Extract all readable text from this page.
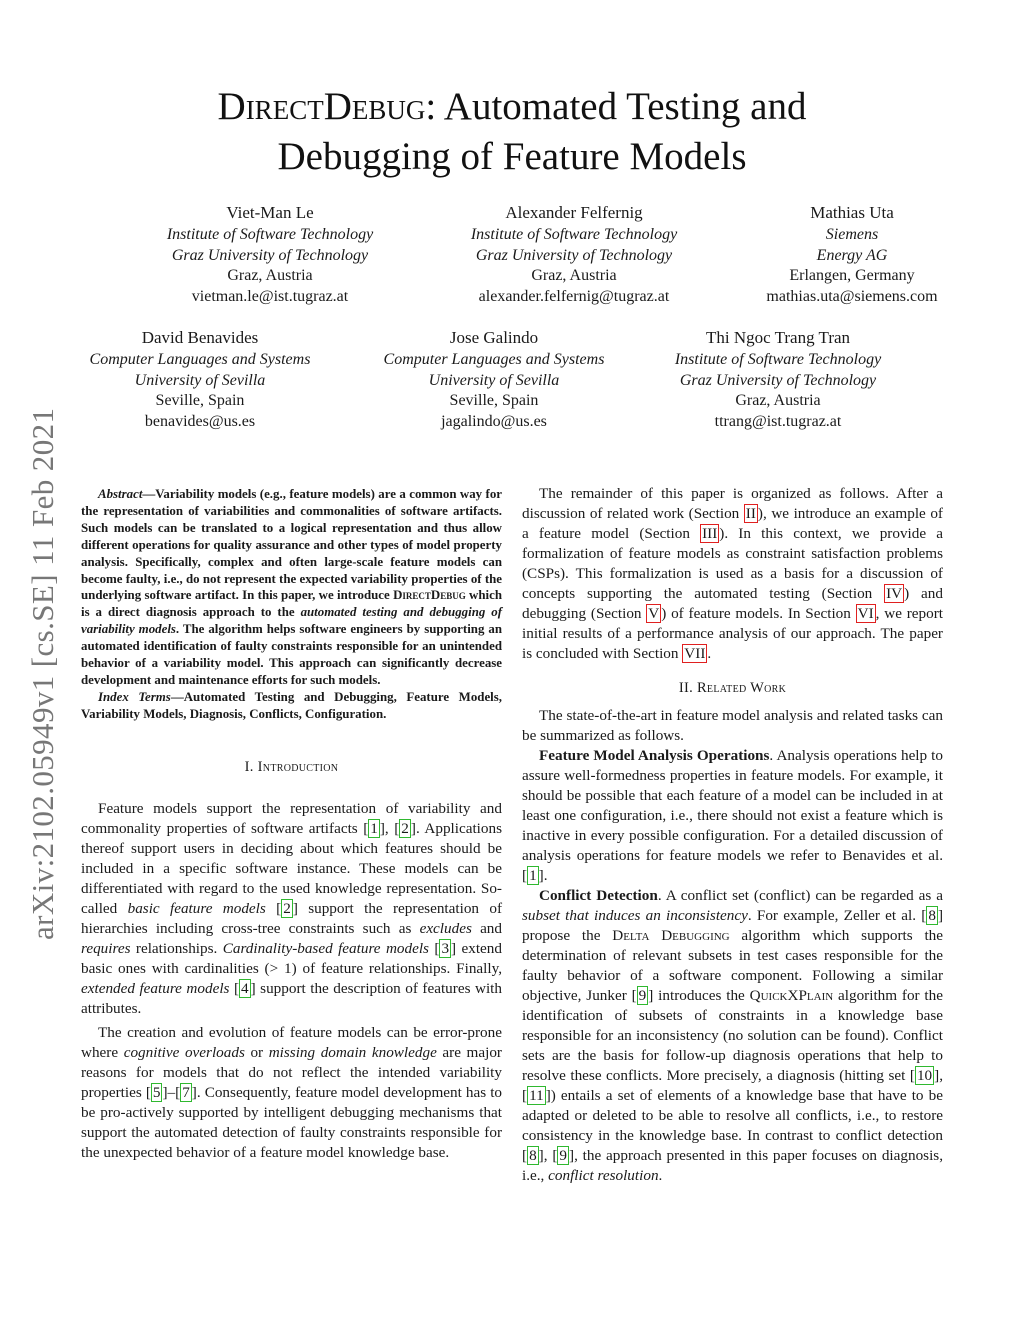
arXiv:2102.05949v1 [cs.SE] 11 Feb 2021
DirectDebug: Automated Testing and
Debugging of Feature Models
Viet-Man Le
Institute of Software Technology
Graz University of Technology
Graz, Austria
vietman.le@ist.tugraz.at
Alexander Felfernig
Institute of Software Technology
Graz University of Technology
Graz, Austria
alexander.felfernig@tugraz.at
Mathias Uta
Siemens
Energy AG
Erlangen, Germany
mathias.uta@siemens.com
David Benavides
Computer Languages and Systems
University of Sevilla
Seville, Spain
benavides@us.es
Jose Galindo
Computer Languages and Systems
University of Sevilla
Seville, Spain
jagalindo@us.es
Thi Ngoc Trang Tran
Institute of Software Technology
Graz University of Technology
Graz, Austria
ttrang@ist.tugraz.at

Abstract—Variability models (e.g., feature models) are a common way for the representation of variabilities and commonalities of software artifacts. Such models can be translated to a logical representation and thus allow different operations for quality assurance and other types of model property analysis. Specifically, complex and often large-scale feature models can become faulty, i.e., do not represent the expected variability properties of the underlying software artifact. In this paper, we introduce DirectDebug which is a direct diagnosis approach to the automated testing and debugging of variability models. The algorithm helps software engineers by supporting an automated identification of faulty constraints responsible for an unintended behavior of a variability model. This approach can significantly decrease development and maintenance efforts for such models.

Index Terms—Automated Testing and Debugging, Feature Models, Variability Models, Diagnosis, Conflicts, Configuration.

I. Introduction

Feature models support the representation of variability and commonality properties of software artifacts [ 1 ], [ 2 ]. Applications thereof support users in deciding about which features should be included in a specific software instance. These models can be differentiated with regard to the used knowledge representation. So-called basic feature models [ 2 ] support the representation of hierarchies including cross-tree constraints such as excludes and requires relationships. Cardinality-based feature models [ 3 ] extend basic ones with cardinalities (> 1) of feature relationships. Finally, extended feature models [ 4 ] support the description of features with attributes.

The creation and evolution of feature models can be error-prone where cognitive overloads or missing domain knowledge are major reasons for models that do not reflect the intended variability properties [ 5 ]–[ 7 ]. Consequently, feature model development has to be pro-actively supported by intelligent debugging mechanisms that support the automated detection of faulty constraints responsible for the unexpected behavior of a feature model knowledge base.

The remainder of this paper is organized as follows. After a discussion of related work (Section II ), we introduce an example of a feature model (Section III ). In this context, we provide a formalization of feature models as constraint satisfaction problems (CSPs). This formalization is used as a basis for a discussion of concepts supporting the automated testing (Section IV ) and debugging (Section V ) of feature models. In Section VI , we report initial results of a performance analysis of our approach. The paper is concluded with Section VII .

II. Related Work

The state-of-the-art in feature model analysis and related tasks can be summarized as follows.

Feature Model Analysis Operations. Analysis operations help to assure well-formedness properties in feature models. For example, it should be possible that each feature of a model can be included in at least one configuration, i.e., there should not exist a feature which is inactive in every possible configuration. For a detailed discussion of analysis operations for feature models we refer to Benavides et al. [ 1 ].

Conflict Detection. A conflict set (conflict) can be regarded as a subset that induces an inconsistency. For example, Zeller et al. [ 8 ] propose the Delta Debugging algorithm which supports the determination of relevant subsets in test cases responsible for the faulty behavior of a software component. Following a similar objective, Junker [ 9 ] introduces the QuickXPlain algorithm for the identification of subsets of constraints in a knowledge base responsible for an inconsistency (no solution can be found). Conflict sets are the basis for follow-up diagnosis operations that help to resolve these conflicts. More precisely, a diagnosis (hitting set [ 10 ], [ 11 ]) entails a set of elements of a knowledge base that have to be adapted or deleted to be able to resolve all conflicts, i.e., to restore consistency in the knowledge base. In contrast to conflict detection [ 8 ], [ 9 ], the approach presented in this paper focuses on diagnosis, i.e., conflict resolution.
